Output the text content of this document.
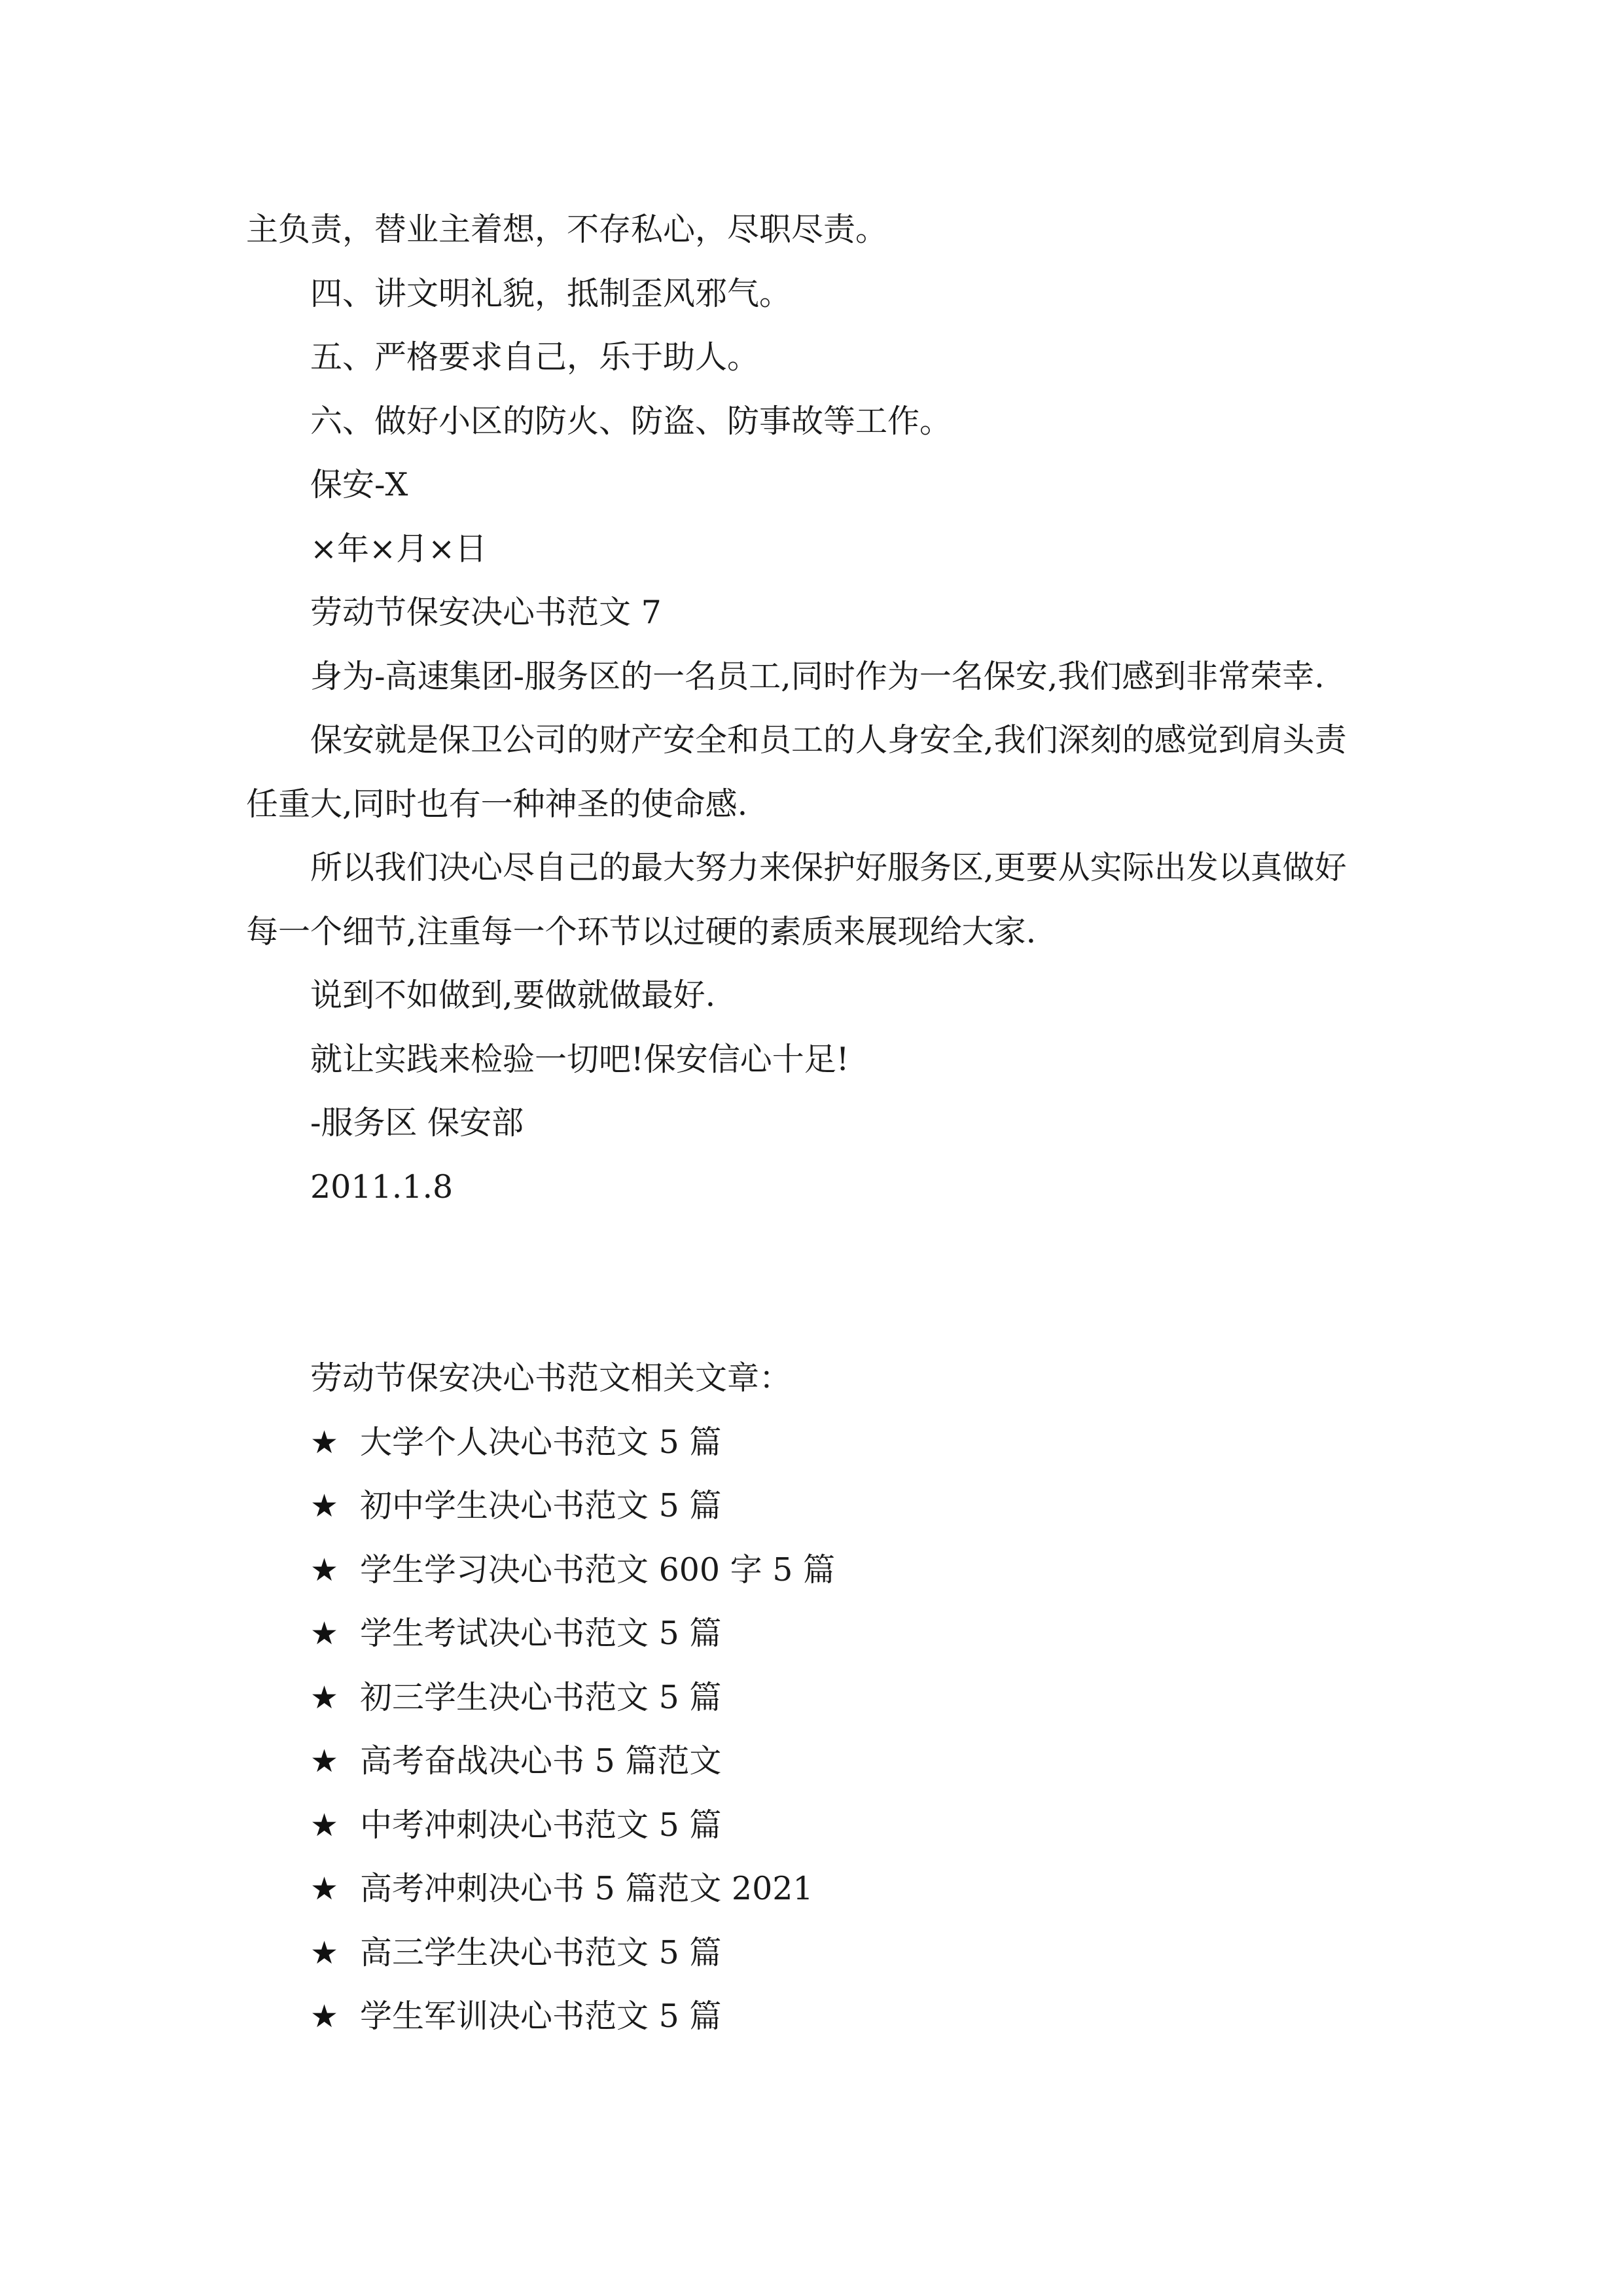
主负责，替业主着想，不存私心，尽职尽责。
四、讲文明礼貌，抵制歪风邪气。
五、严格要求自己，乐于助人。
六、做好小区的防火、防盗、防事故等工作。
保安-X
×年×月×日
劳动节保安决心书范文 7
身为-高速集团-服务区的一名员工,同时作为一名保安,我们感到非常荣幸.
保安就是保卫公司的财产安全和员工的人身安全,我们深刻的感觉到肩头责
任重大,同时也有一种神圣的使命感.
所以我们决心尽自己的最大努力来保护好服务区,更要从实际出发以真做好
每一个细节,注重每一个环节以过硬的素质来展现给大家.
说到不如做到,要做就做最好.
就让实践来检验一切吧!保安信心十足!
-服务区 保安部
2011.1.8
劳动节保安决心书范文相关文章：
★ 大学个人决心书范文 5 篇
★ 初中学生决心书范文 5 篇
★ 学生学习决心书范文 600 字 5 篇
★ 学生考试决心书范文 5 篇
★ 初三学生决心书范文 5 篇
★ 高考奋战决心书 5 篇范文
★ 中考冲刺决心书范文 5 篇
★ 高考冲刺决心书 5 篇范文 2021
★ 高三学生决心书范文 5 篇
★ 学生军训决心书范文 5 篇
